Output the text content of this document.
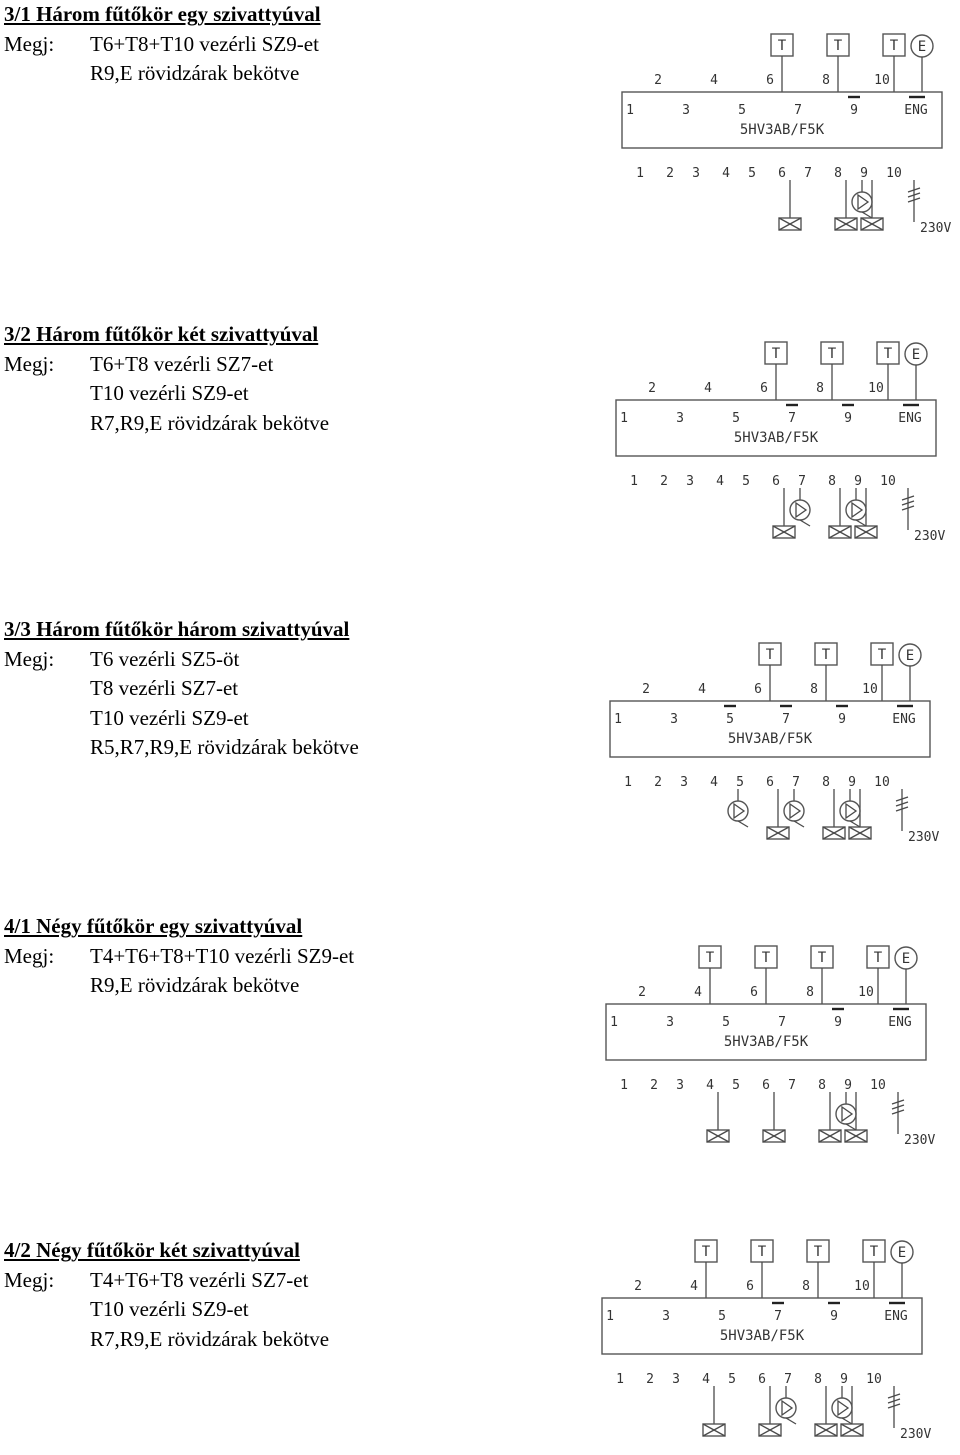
3/1 Három fűtőkör egy szivattyúval
Megj: T6+T8+T10 vezérli SZ9-et
R9,E rövidzárak bekötve
T	T	T E
2	4	6	8	10
1	3	5	7	9	ENG
5HV3AB/F5K
1 2 3 4 5 6 7 8 9 10
230V
3/2 Három fűtőkör két szivattyúval
Megj: T6+T8 vezérli SZ7-et
T10 vezérli SZ9-et
R7,R9,E rövidzárak bekötve
T	T	T E
2	4	6	8	10
1	3	5	7	9	ENG
5HV3AB/F5K
1 2 3 4 5 6 7 8 9 10
230V
3/3 Három fűtőkör három szivattyúval
Megj: T6 vezérli SZ5-öt
T8 vezérli SZ7-et
T10 vezérli SZ9-et
R5,R7,R9,E rövidzárak bekötve
T	T	T E
2	4	6	8	10
1	3	5	7	9	ENG
5HV3AB/F5K
1 2 3 4 5 6 7 8 9 10
230V
4/1 Négy fűtőkör egy szivattyúval
Megj: T4+T6+T8+T10 vezérli SZ9-et
R9,E rövidzárak bekötve
T	T	T	T E
2	4	6	8	10
1	3	5	7	9	ENG
5HV3AB/F5K
1 2 3 4 5 6 7 8 9 10
230V
4/2 Négy fűtőkör két szivattyúval
Megj: T4+T6+T8 vezérli SZ7-et
T10 vezérli SZ9-et
R7,R9,E rövidzárak bekötve
T	T	T	T E
2	4	6	8	10
1	3	5	7	9	ENG
5HV3AB/F5K
1 2 3 4 5 6 7 8 9 10
230V
